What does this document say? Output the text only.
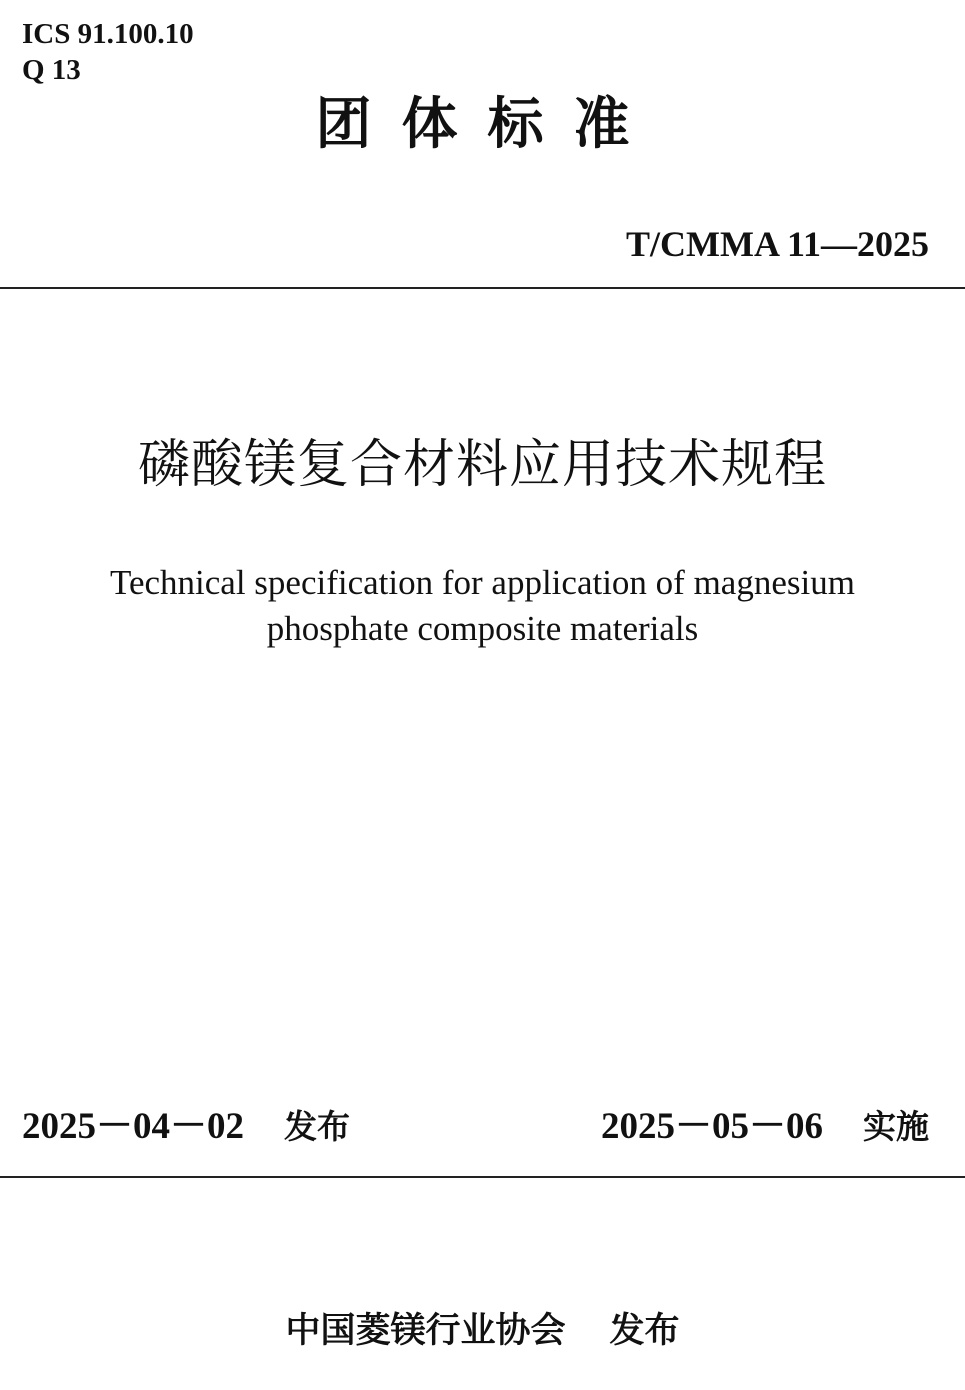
ICS 91.100.10
Q 13
团体标准
T/CMMA 11—2025
磷酸镁复合材料应用技术规程
Technical specification for application of magnesium
phosphate composite materials
2025－04－02 发布	2025－05－06 实施
中国菱镁行业协会 发布
